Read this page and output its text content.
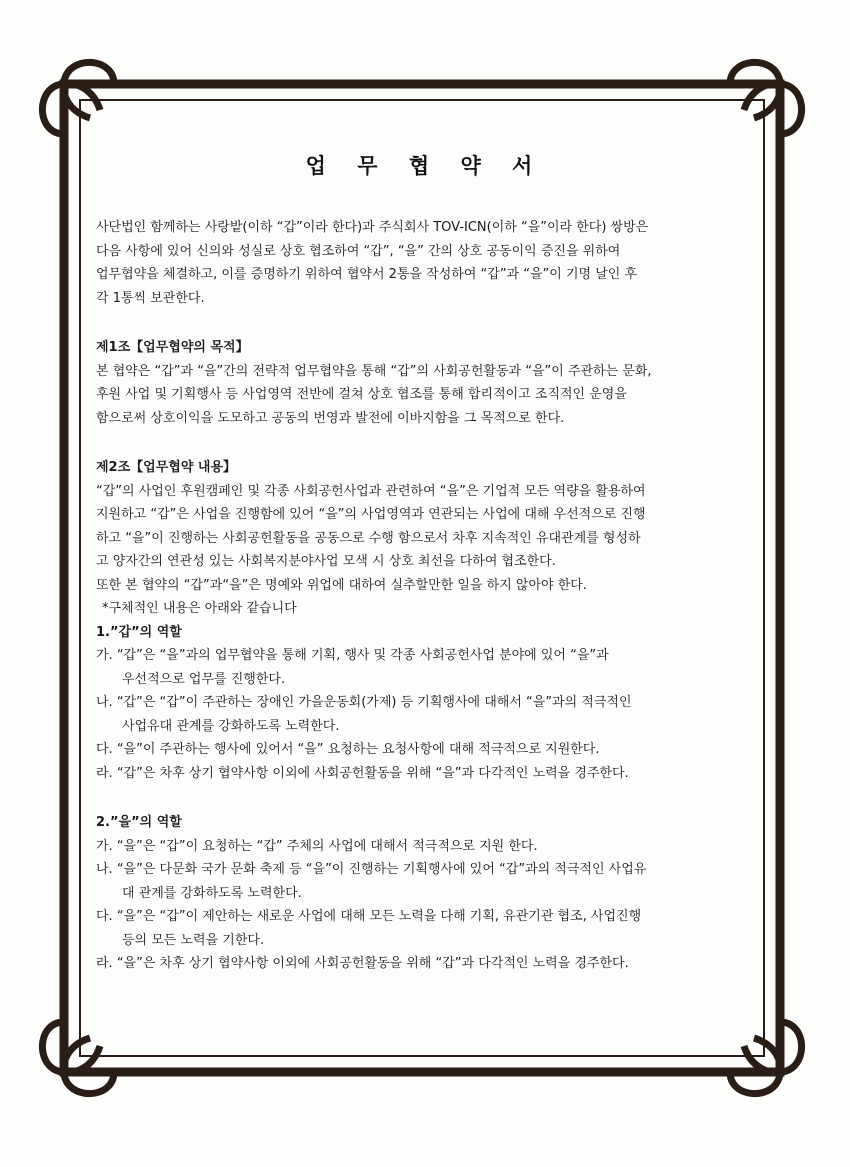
업 무 협 약 서
사단법인 함께하는 사랑밭(이하 “갑”이라 한다)과 주식회사 TOV-ICN(이하 “을”이라 한다) 쌍방은
다음 사항에 있어 신의와 성실로 상호 협조하여 “갑”, “을” 간의 상호 공동이익 증진을 위하여
업무협약을 체결하고, 이를 증명하기 위하여 협약서 2통을 작성하여 “갑”과 “을”이 기명 날인 후
각 1통씩 보관한다.
제1조【업무협약의 목적】
본 협약은 “갑”과 “을”간의 전략적 업무협약을 통해 “갑”의 사회공헌활동과 “을”이 주관하는 문화,
후원 사업 및 기획행사 등 사업영역 전반에 걸쳐 상호 협조를 통해 합리적이고 조직적인 운영을
함으로써 상호이익을 도모하고 공동의 번영과 발전에 이바지함을 그 목적으로 한다.
제2조【업무협약 내용】
“갑”의 사업인 후원캠페인 및 각종 사회공헌사업과 관련하여 “을”은 기업적 모든 역량을 활용하여
지원하고 “갑”은 사업을 진행함에 있어 “을”의 사업영역과 연관되는 사업에 대해 우선적으로 진행
하고 “을”이 진행하는 사회공헌활동을 공동으로 수행 함으로서 차후 지속적인 유대관계를 형성하
고 양자간의 연관성 있는 사회복지분야사업 모색 시 상호 최선을 다하여 협조한다.
또한 본 협약의 “갑”과“을”은 명예와 위업에 대하여 실추할만한 일을 하지 않아야 한다.
*구체적인 내용은 아래와 같습니다
1.”갑”의 역할
가. “갑”은 “을”과의 업무협약을 통해 기획, 행사 및 각종 사회공헌사업 분야에 있어 “을”과
우선적으로 업무를 진행한다.
나. “갑”은 “갑”이 주관하는 장애인 가을운동회(가제) 등 기획행사에 대해서 “을”과의 적극적인
사업유대 관계를 강화하도록 노력한다.
다. “을”이 주관하는 행사에 있어서 “을” 요청하는 요청사항에 대해 적극적으로 지원한다.
라. “갑”은 차후 상기 협약사항 이외에 사회공헌활동을 위해 “을”과 다각적인 노력을 경주한다.
2.”을”의 역할
가. “을”은 “갑”이 요청하는 “갑” 주체의 사업에 대해서 적극적으로 지원 한다.
나. “을”은 다문화 국가 문화 축제 등 “을”이 진행하는 기획행사에 있어 “갑”과의 적극적인 사업유
대 관계를 강화하도록 노력한다.
다. “을”은 “갑”이 제안하는 새로운 사업에 대해 모든 노력을 다해 기획, 유관기관 협조, 사업진행
등의 모든 노력을 기한다.
라. “을”은 차후 상기 협약사항 이외에 사회공헌활동을 위해 “갑”과 다각적인 노력을 경주한다.
